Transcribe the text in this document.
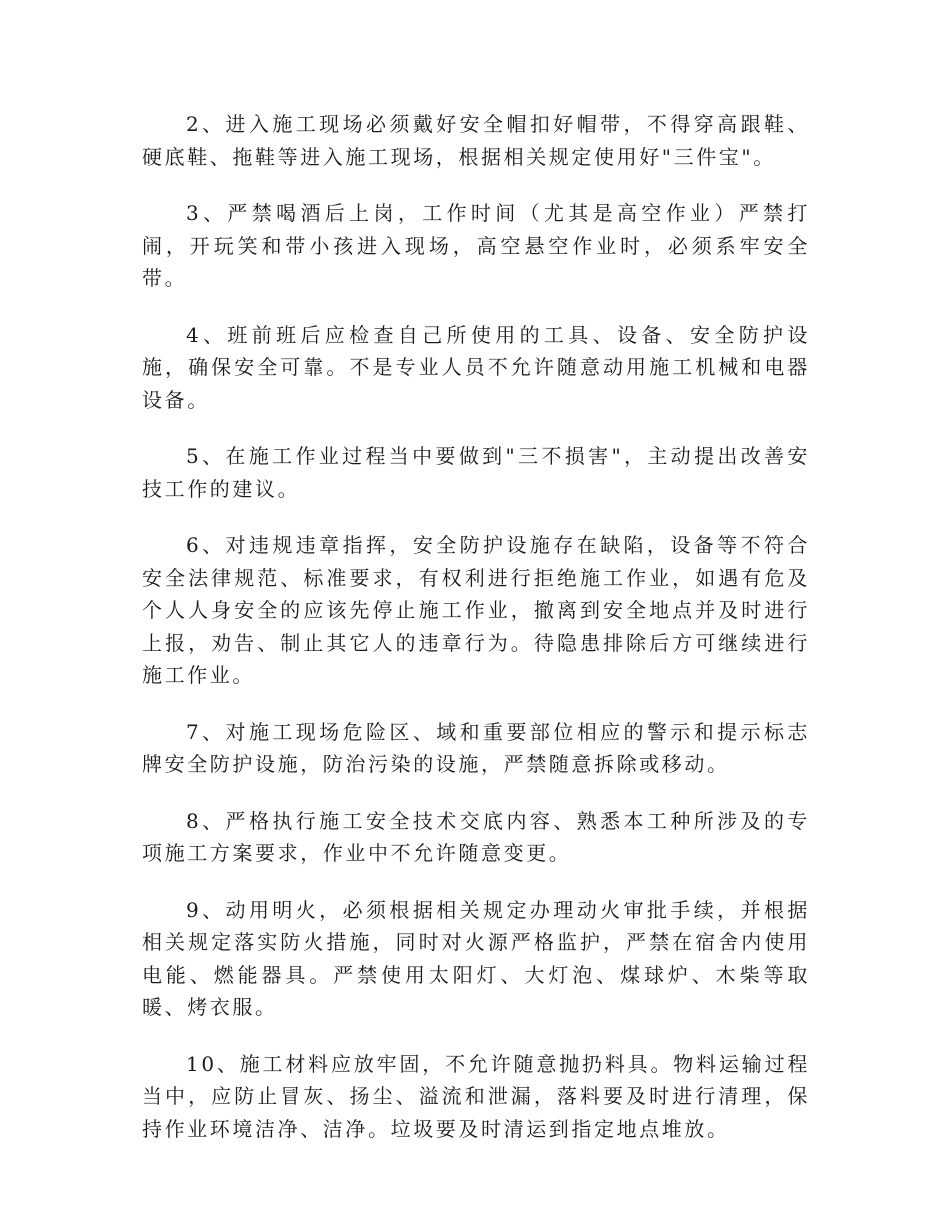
2、进入施工现场必须戴好安全帽扣好帽带，不得穿高跟鞋、硬底鞋、拖鞋等进入施工现场，根据相关规定使用好"三件宝"。

3、严禁喝酒后上岗，工作时间（尤其是高空作业）严禁打闹，开玩笑和带小孩进入现场，高空悬空作业时，必须系牢安全带。

4、班前班后应检查自己所使用的工具、设备、安全防护设施，确保安全可靠。不是专业人员不允许随意动用施工机械和电器设备。

5、在施工作业过程当中要做到"三不损害"，主动提出改善安技工作的建议。

6、对违规违章指挥，安全防护设施存在缺陷，设备等不符合安全法律规范、标准要求，有权利进行拒绝施工作业，如遇有危及个人人身安全的应该先停止施工作业，撤离到安全地点并及时进行上报，劝告、制止其它人的违章行为。待隐患排除后方可继续进行施工作业。

7、对施工现场危险区、域和重要部位相应的警示和提示标志牌安全防护设施，防治污染的设施，严禁随意拆除或移动。

8、严格执行施工安全技术交底内容、熟悉本工种所涉及的专项施工方案要求，作业中不允许随意变更。

9、动用明火，必须根据相关规定办理动火审批手续，并根据相关规定落实防火措施，同时对火源严格监护，严禁在宿舍内使用电能、燃能器具。严禁使用太阳灯、大灯泡、煤球炉、木柴等取暖、烤衣服。

10、施工材料应放牢固，不允许随意抛扔料具。物料运输过程当中，应防止冒灰、扬尘、溢流和泄漏，落料要及时进行清理，保持作业环境洁净、洁净。垃圾要及时清运到指定地点堆放。
